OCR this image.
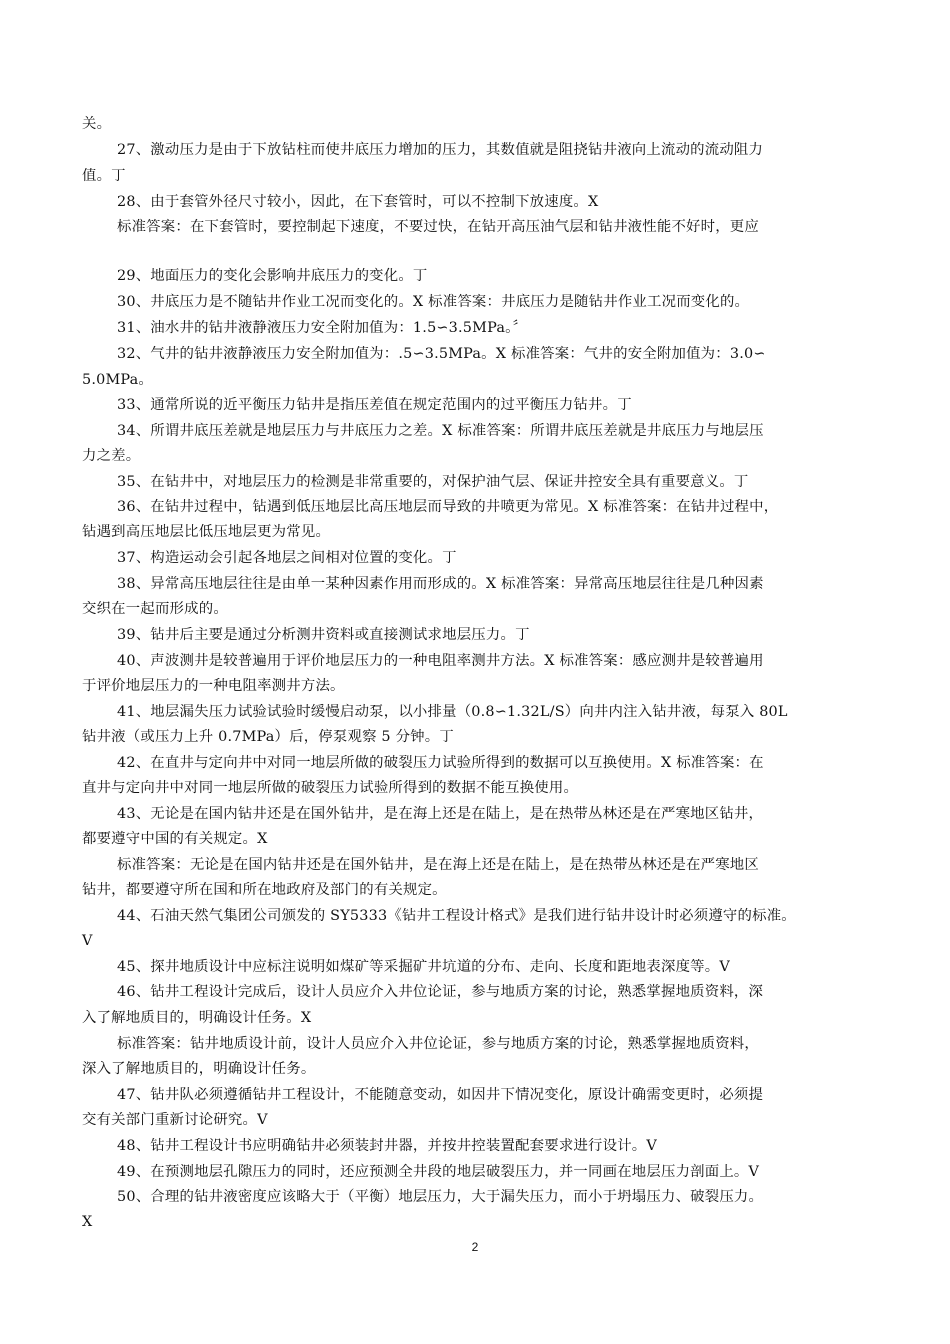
关。
27、激动压力是由于下放钻柱而使井底压力增加的压力，其数值就是阻挠钻井液向上流动的流动阻力
值。丁
28、由于套管外径尺寸较小，因此，在下套管时，可以不控制下放速度。X
标准答案：在下套管时，要控制起下速度，不要过快，在钻开高压油气层和钻井液性能不好时，更应
29、地面压力的变化会影响井底压力的变化。丁
30、井底压力是不随钻井作业工况而变化的。X 标准答案：井底压力是随钻井作业工况而变化的。
31、油水井的钻井液静液压力安全附加值为：1.5∽3.5MPa。〞
32、气井的钻井液静液压力安全附加值为：.5∽3.5MPa。X 标准答案：气井的安全附加值为：3.0∽
5.0MPa。
33、通常所说的近平衡压力钻井是指压差值在规定范围内的过平衡压力钻井。丁
34、所谓井底压差就是地层压力与井底压力之差。X 标准答案：所谓井底压差就是井底压力与地层压
力之差。
35、在钻井中，对地层压力的检测是非常重要的，对保护油气层、保证井控安全具有重要意义。丁
36、在钻井过程中，钻遇到低压地层比高压地层而导致的井喷更为常见。X 标准答案：在钻井过程中，
钻遇到高压地层比低压地层更为常见。
37、构造运动会引起各地层之间相对位置的变化。丁
38、异常高压地层往往是由单一某种因素作用而形成的。X 标准答案：异常高压地层往往是几种因素
交织在一起而形成的。
39、钻井后主要是通过分析测井资料或直接测试求地层压力。丁
40、声波测井是较普遍用于评价地层压力的一种电阻率测井方法。X 标准答案：感应测井是较普遍用
于评价地层压力的一种电阻率测井方法。
41、地层漏失压力试验试验时缓慢启动泵，以小排量（0.8∽1.32L/S）向井内注入钻井液，每泵入 80L
钻井液（或压力上升 0.7MPa）后，停泵观察 5 分钟。丁
42、在直井与定向井中对同一地层所做的破裂压力试验所得到的数据可以互换使用。X 标准答案：在
直井与定向井中对同一地层所做的破裂压力试验所得到的数据不能互换使用。
43、无论是在国内钻井还是在国外钻井，是在海上还是在陆上，是在热带丛林还是在严寒地区钻井，
都要遵守中国的有关规定。X
标准答案：无论是在国内钻井还是在国外钻井，是在海上还是在陆上，是在热带丛林还是在严寒地区
钻井，都要遵守所在国和所在地政府及部门的有关规定。
44、石油天然气集团公司颁发的 SY5333《钻井工程设计格式》是我们进行钻井设计时必须遵守的标准。
V
45、探井地质设计中应标注说明如煤矿等采掘矿井坑道的分布、走向、长度和距地表深度等。V
46、钻井工程设计完成后，设计人员应介入井位论证，参与地质方案的讨论，熟悉掌握地质资料，深
入了解地质目的，明确设计任务。X
标准答案：钻井地质设计前，设计人员应介入井位论证，参与地质方案的讨论，熟悉掌握地质资料，
深入了解地质目的，明确设计任务。
47、钻井队必须遵循钻井工程设计，不能随意变动，如因井下情况变化，原设计确需变更时，必须提
交有关部门重新讨论研究。V
48、钻井工程设计书应明确钻井必须装封井器，并按井控装置配套要求进行设计。V
49、在预测地层孔隙压力的同时，还应预测全井段的地层破裂压力，并一同画在地层压力剖面上。V
50、合理的钻井液密度应该略大于（平衡）地层压力，大于漏失压力，而小于坍塌压力、破裂压力。
X
2
